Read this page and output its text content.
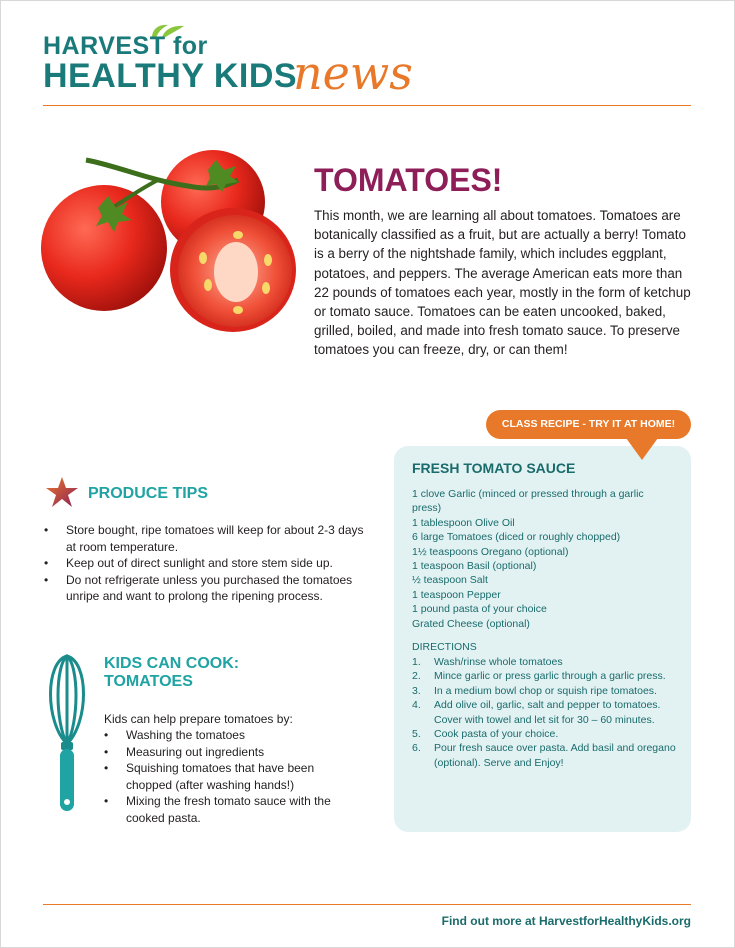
HARVEST for
HEALTHY KIDS
news
TOMATOES!
This month, we are learning all about tomatoes. Tomatoes are botanically classified as a fruit, but are actually a berry! Tomato is a berry of the nightshade family, which includes eggplant, potatoes, and peppers. The average American eats more than 22 pounds of tomatoes each year, mostly in the form of ketchup or tomato sauce. Tomatoes can be eaten uncooked, baked, grilled, boiled, and made into fresh tomato sauce. To preserve tomatoes you can freeze, dry, or can them!
PRODUCE TIPS
• Store bought, ripe tomatoes will keep for about 2-3 days at room temperature.
• Keep out of direct sunlight and store stem side up.
• Do not refrigerate unless you purchased the tomatoes unripe and want to prolong the ripening process.
KIDS CAN COOK:
TOMATOES
Kids can help prepare tomatoes by:
• Washing the tomatoes
• Measuring out ingredients
• Squishing tomatoes that have been chopped (after washing hands!)
• Mixing the fresh tomato sauce with the cooked pasta.
CLASS RECIPE - TRY IT AT HOME!
FRESH TOMATO SAUCE
1 clove Garlic (minced or pressed through a garlic press)
1 tablespoon Olive Oil
6 large Tomatoes (diced or roughly chopped)
1½ teaspoons Oregano (optional)
1 teaspoon Basil (optional)
½ teaspoon Salt
1 teaspoon Pepper
1 pound pasta of your choice
Grated Cheese (optional)
DIRECTIONS
1. Wash/rinse whole tomatoes
2. Mince garlic or press garlic through a garlic press.
3. In a medium bowl chop or squish ripe tomatoes.
4. Add olive oil, garlic, salt and pepper to tomatoes. Cover with towel and let sit for 30 – 60 minutes.
5. Cook pasta of your choice.
6. Pour fresh sauce over pasta. Add basil and oregano (optional). Serve and Enjoy!
Find out more at HarvestforHealthyKids.org
